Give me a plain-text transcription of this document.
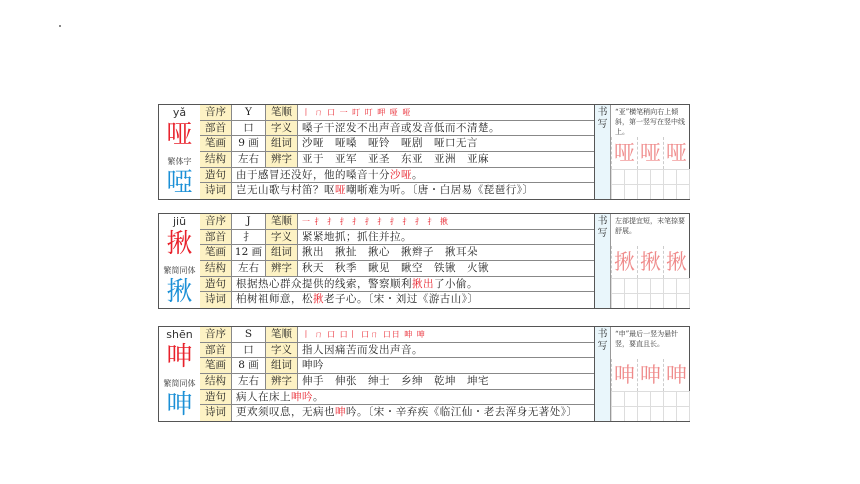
yǎ
哑
繁体字
啞
音序	Y	笔顺	丨 ㄇ 口 一 叮 叮 呷 哑 哑
部首	口	字义 嗓子干涩发不出声音或发音低而不清楚。
笔画	9 画	组词 沙哑　哑嗓　哑铃　哑剧　哑口无言
结构	左右	辨字 亚于　亚军　亚圣　东亚　亚洲　亚麻
造句 由于感冒还没好，他的嗓音十分沙哑。
诗词 岂无山歌与村笛？呕哑嘲哳难为听。〔唐・白居易《琵琶行》〕
书写
“亚”横笔稍向右上倾斜，第一竖写在竖中线上。
哑 哑 哑
jiū
揪
繁简同体
揪
音序	J	笔顺	一 扌 扌 扌 扌 扌 扌 扌 扌 扌 扌 揪
部首	扌	字义 紧紧地抓；抓住并拉。
笔画 12 画 组词 揪出　揪扯　揪心　揪辫子　揪耳朵
结构	左右	辨字 秋天　秋季　瞅见　瞅空　铁锹　火锹
造句 根据热心群众提供的线索，警察顺利揪出了小偷。
诗词 柏树祖师意，松揪老子心。〔宋・刘过《游古山》〕
书写
左部提宜短，末笔捺要舒展。
揪 揪 揪
shēn
呻
繁简同体
呻
音序	S	笔顺	丨 ㄇ 口 口丨 口ㄇ 口日 呻 呻
部首	口	字义 指人因痛苦而发出声音。
笔画	8 画	组词 呻吟
结构	左右	辨字 伸手　伸张　绅士　乡绅　乾坤　坤宅
造句 病人在床上呻吟。
诗词 更欢须叹息，无病也呻吟。〔宋・辛弃疾《临江仙・老去浑身无著处》〕
书写
“申”最后一竖为悬针竖，要直且长。
呻 呻 呻
